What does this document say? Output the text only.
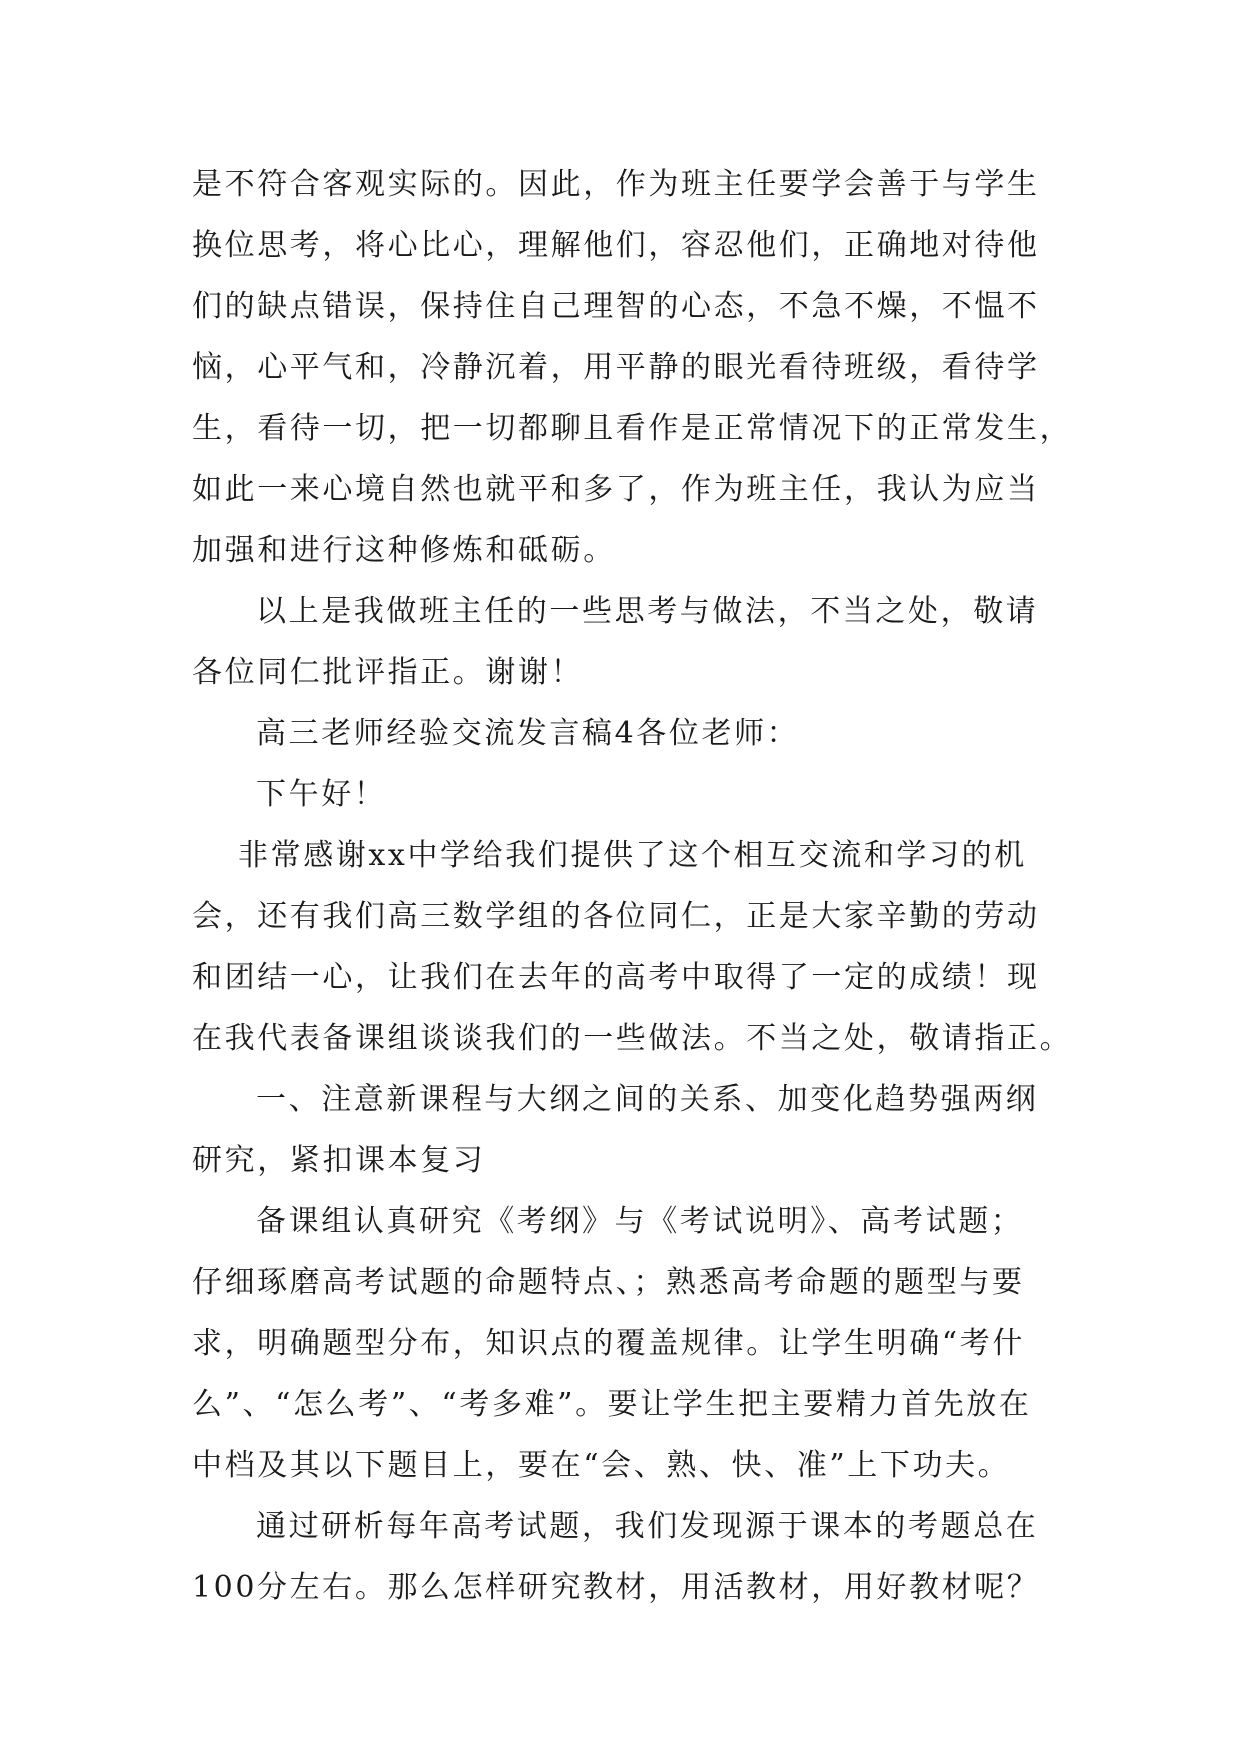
是不符合客观实际的。因此，作为班主任要学会善于与学生
换位思考，将心比心，理解他们，容忍他们，正确地对待他
们的缺点错误，保持住自己理智的心态，不急不燥，不愠不
恼，心平气和，冷静沉着，用平静的眼光看待班级，看待学
生，看待一切，把一切都聊且看作是正常情况下的正常发生，
如此一来心境自然也就平和多了，作为班主任，我认为应当
加强和进行这种修炼和砥砺。
以上是我做班主任的一些思考与做法，不当之处，敬请
各位同仁批评指正。谢谢！
高三老师经验交流发言稿4各位老师：
下午好！
非常感谢xx中学给我们提供了这个相互交流和学习的机
会，还有我们高三数学组的各位同仁，正是大家辛勤的劳动
和团结一心，让我们在去年的高考中取得了一定的成绩！现
在我代表备课组谈谈我们的一些做法。不当之处，敬请指正。
一、注意新课程与大纲之间的关系、加变化趋势强两纲
研究，紧扣课本复习
备课组认真研究《考纲》与《考试说明》、高考试题；
仔细琢磨高考试题的命题特点、；熟悉高考命题的题型与要
求，明确题型分布，知识点的覆盖规律。让学生明确“考什
么”、“怎么考”、“考多难”。要让学生把主要精力首先放在
中档及其以下题目上，要在“会、熟、快、准”上下功夫。
通过研析每年高考试题，我们发现源于课本的考题总在
100分左右。那么怎样研究教材，用活教材，用好教材呢？
